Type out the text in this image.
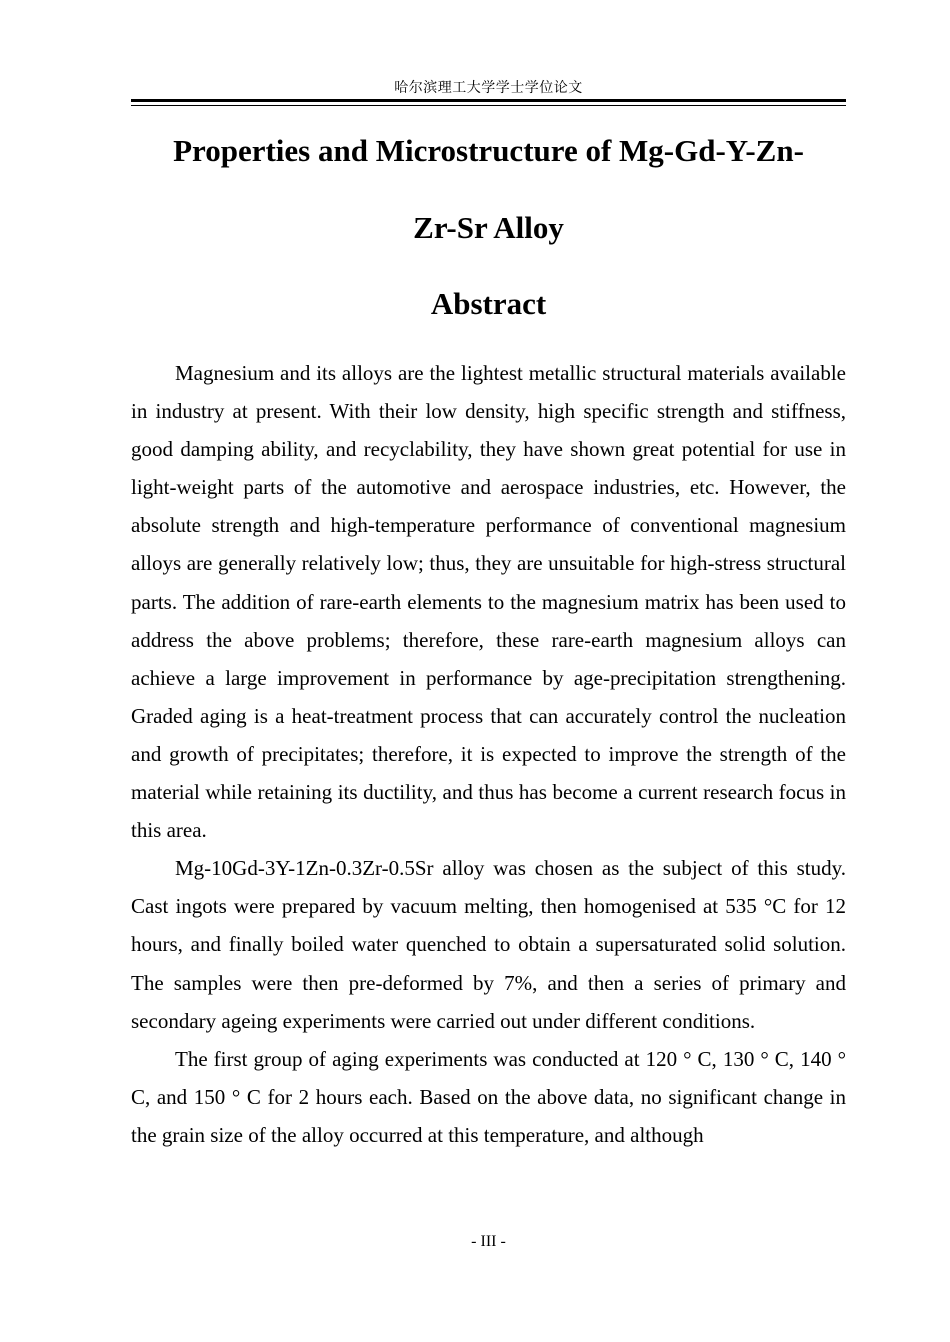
哈尔滨理工大学学士学位论文
Properties and Microstructure of Mg-Gd-Y-Zn-
Zr-Sr Alloy
Abstract

Magnesium and its alloys are the lightest metallic structural materials available in industry at present. With their low density, high specific strength and stiffness, good damping ability, and recyclability, they have shown great potential for use in light-weight parts of the automotive and aerospace industries, etc. However, the absolute strength and high-temperature performance of conventional magnesium alloys are generally relatively low; thus, they are unsuitable for high-stress structural parts. The addition of rare-earth elements to the magnesium matrix has been used to address the above problems; therefore, these rare-earth magnesium alloys can achieve a large improvement in performance by age-precipitation strengthening. Graded aging is a heat-treatment process that can accurately control the nucleation and growth of precipitates; therefore, it is expected to improve the strength of the material while retaining its ductility, and thus has become a current research focus in this area.

Mg-10Gd-3Y-1Zn-0.3Zr-0.5Sr alloy was chosen as the subject of this study. Cast ingots were prepared by vacuum melting, then homogenised at 535 °C for 12 hours, and finally boiled water quenched to obtain a supersaturated solid solution. The samples were then pre-deformed by 7%, and then a series of primary and secondary ageing experiments were carried out under different conditions.

The first group of aging experiments was conducted at 120 ° C, 130 ° C, 140 ° C, and 150 ° C for 2 hours each. Based on the above data, no significant change in the grain size of the alloy occurred at this temperature, and although

- III -
